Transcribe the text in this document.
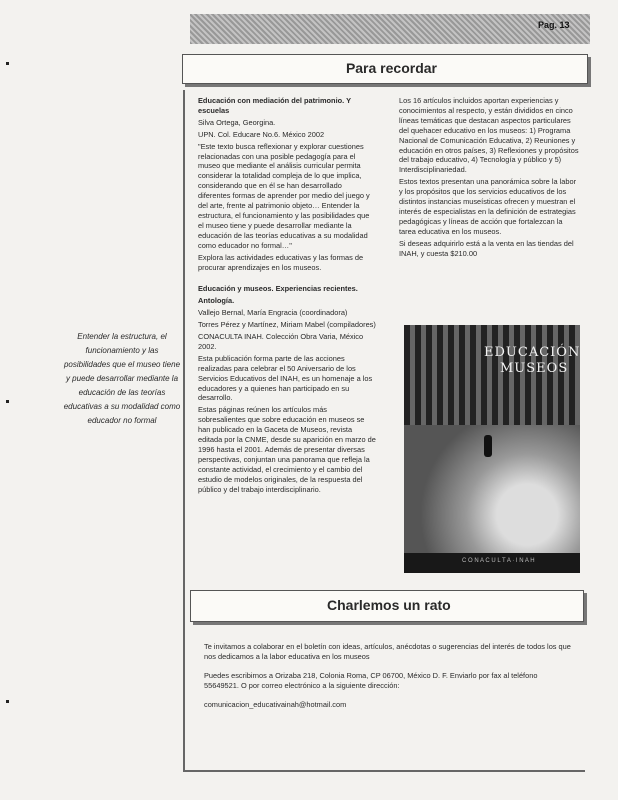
Pag. 13
Para recordar

Educación con mediación del patrimonio. Y escuelas

Silva Ortega, Georgina.

UPN. Col. Educare No.6. México 2002

"Este texto busca reflexionar y explorar cuestiones relacionadas con una posible pedagogía para el museo que mediante el análisis curricular permita considerar la totalidad compleja de lo que implica, considerando que en él se han desarrollado diferentes formas de aprender por medio del juego y del arte, frente al patrimonio objeto… Entender la estructura, el funcionamiento y las posibilidades que el museo tiene y puede desarrollar mediante la educación de las teorías educativas a su modalidad como educador no formal…"

Explora las actividades educativas y las formas de procurar aprendizajes en los museos.

Educación y museos. Experiencias recientes.

Antología.

Vallejo Bernal, María Engracia (coordinadora)

Torres Pérez y Martínez, Miriam Mabel (compiladores)

CONACULTA INAH. Colección Obra Varia, México 2002.

Esta publicación forma parte de las acciones realizadas para celebrar el 50 Aniversario de los Servicios Educativos del INAH, es un homenaje a los educadores y a quienes han participado en su desarrollo.

Estas páginas reúnen los artículos más sobresalientes que sobre educación en museos se han publicado en la Gaceta de Museos, revista editada por la CNME, desde su aparición en marzo de 1996 hasta el 2001. Además de presentar diversas perspectivas, conjuntan una panorama que refleja la constante actividad, el crecimiento y el cambio del estudio de modelos originales, de la respuesta del público y del trabajo interdisciplinario.

Los 16 artículos incluidos aportan experiencias y conocimientos al respecto, y están divididos en cinco líneas temáticas que destacan aspectos particulares del quehacer educativo en los museos: 1) Programa Nacional de Comunicación Educativa, 2) Reuniones y educación en otros países, 3) Reflexiones y propósitos del trabajo educativo, 4) Tecnología y público y 5) Interdisciplinariedad.

Estos textos presentan una panorámica sobre la labor y los propósitos que los servicios educativos de los distintos instancias museísticas ofrecen y muestran el interés de especialistas en la definición de estrategias pedagógicas y líneas de acción que fortalezcan la tarea educativa en los museos.

Si deseas adquirirlo está a la venta en las tiendas del INAH, y cuesta $210.00

Entender la estructura, el funcionamiento y las posibilidades que el museo tiene y puede desarrollar mediante la educación de las teorías educativas a su modalidad como educador no formal
EDUCACIÓN
MUSEOS
C O N A C U L T A · I N A H
Charlemos un rato

Te invitamos a colaborar en el boletín con ideas, artículos, anécdotas o sugerencias del interés de todos los que nos dedicamos a la labor educativa en los museos

Puedes escribirnos a Orizaba 218, Colonia Roma, CP 06700, México D. F. Enviarlo por fax al teléfono 55649521. O por correo electrónico a la siguiente dirección:

comunicacion_educativainah@hotmail.com
